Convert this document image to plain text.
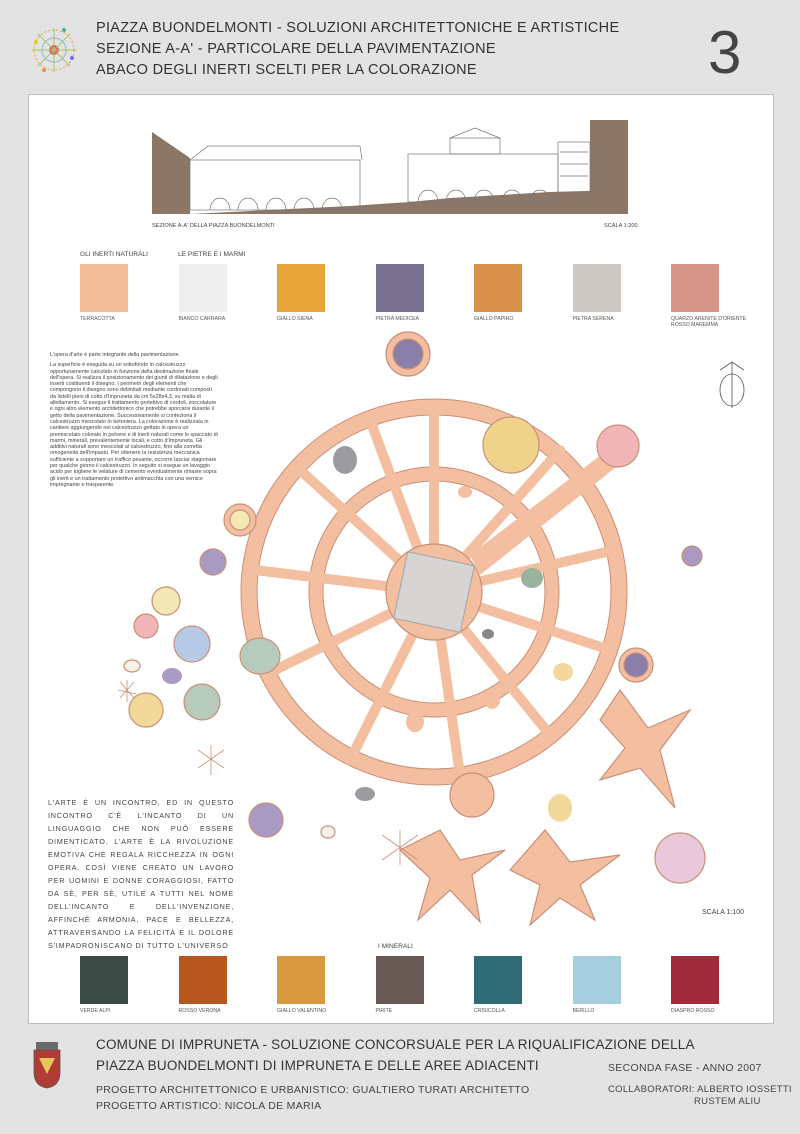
PIAZZA BUONDELMONTI - SOLUZIONI ARCHITETTONICHE E ARTISTICHE
SEZIONE A-A' - PARTICOLARE DELLA PAVIMENTAZIONE
ABACO DEGLI INERTI SCELTI PER LA COLORAZIONE	3
SEZIONE A-A' DELLA PIAZZA BUONDELMONTI	SCALA 1:200
GLI INERTI NATURALI	LE PIETRE E I MARMI
TERRACOTTA	BIANCO CARRARA	GIALLO SIENA	PIETRA MEDICEA	GIALLO PAPIRO	PIETRA SERENA	QUARZO ARENITE D'ORIENTE
ROSSO MAREMMA

L'opera d'arte è parte integrante della pavimentazione.

La superficie è eseguita su un sottofondo in calcestruzzo opportunamente calcolato in funzione della destinazione finale dell'opera. Si realizza il posizionamento dei giunti di dilatazione e degli inserti costituenti il disegno. I perimetri degli elementi che compongono il disegno sono delimitati mediante cordonati composti da listelli pieni di cotto d'Impruneta da cm 5x28x4,3, su malta di allettamento. Si esegue il trattamento protettivo di cordoli, zoccolature e ogni altro elemento architettonico che potrebbe sporcarsi durante il getto della pavimentazione. Successivamente si confeziona il calcestruzzo mescolato in betoniera. La colorazione è realizzata in cantiere aggiungendo nel calcestruzzo gettato in opera un premiscelato colorato in polvere e di inerti naturali come lo spaccato di marmi, minerali, prevalentemente locali, e cotto d'Impruneta. Gli additivi naturali sono mescolati al calcestruzzo, fino alla corretta omogeneità dell'impasto. Per ottenere la resistenza meccanica sufficiente a sopportare un traffico pesante, occorre lasciar stagionare per qualche giorno il calcestruzzo. In seguito si esegue un lavaggio acido per togliere le velature di cemento eventualmente rimaste sopra gli inerti e un trattamento protettivo antimacchia con una vernice impregnante e trasparente.

L'ARTE È UN INCONTRO, ED IN QUESTO INCONTRO C'È L'INCANTO DI UN LINGUAGGIO CHE NON PUÒ ESSERE DIMENTICATO. L'ARTE È LA RIVOLUZIONE EMOTIVA CHE REGALA RICCHEZZA IN OGNI OPERA. COSÌ VIENE CREATO UN LAVORO PER UOMINI E DONNE CORAGGIOSI, FATTO DA SÈ, PER SÈ, UTILE A TUTTI NEL NOME DELL'INCANTO E DELL'INVENZIONE, AFFINCHÈ ARMONIA, PACE E BELLEZZA, ATTRAVERSANDO LA FELICITÀ E IL DOLORE S'IMPADRONISCANO DI TUTTO L'UNIVERSO
SCALA 1:100
I MINERALI
VERDE ALPI	ROSSO VERONA	GIALLO VALENTINO	PIRITE	CRISICOLLA	BERILLO	DIASPRO ROSSO
COMUNE DI IMPRUNETA - SOLUZIONE CONCORSUALE PER LA RIQUALIFICAZIONE DELLA
PIAZZA BUONDELMONTI DI IMPRUNETA E DELLE AREE ADIACENTI	SECONDA FASE - ANNO 2007
PROGETTO ARCHITETTONICO E URBANISTICO: GUALTIERO TURATI ARCHITETTO
PROGETTO ARTISTICO: NICOLA DE MARIA
COLLABORATORI: ALBERTO IOSSETTI
RUSTEM ALIU
